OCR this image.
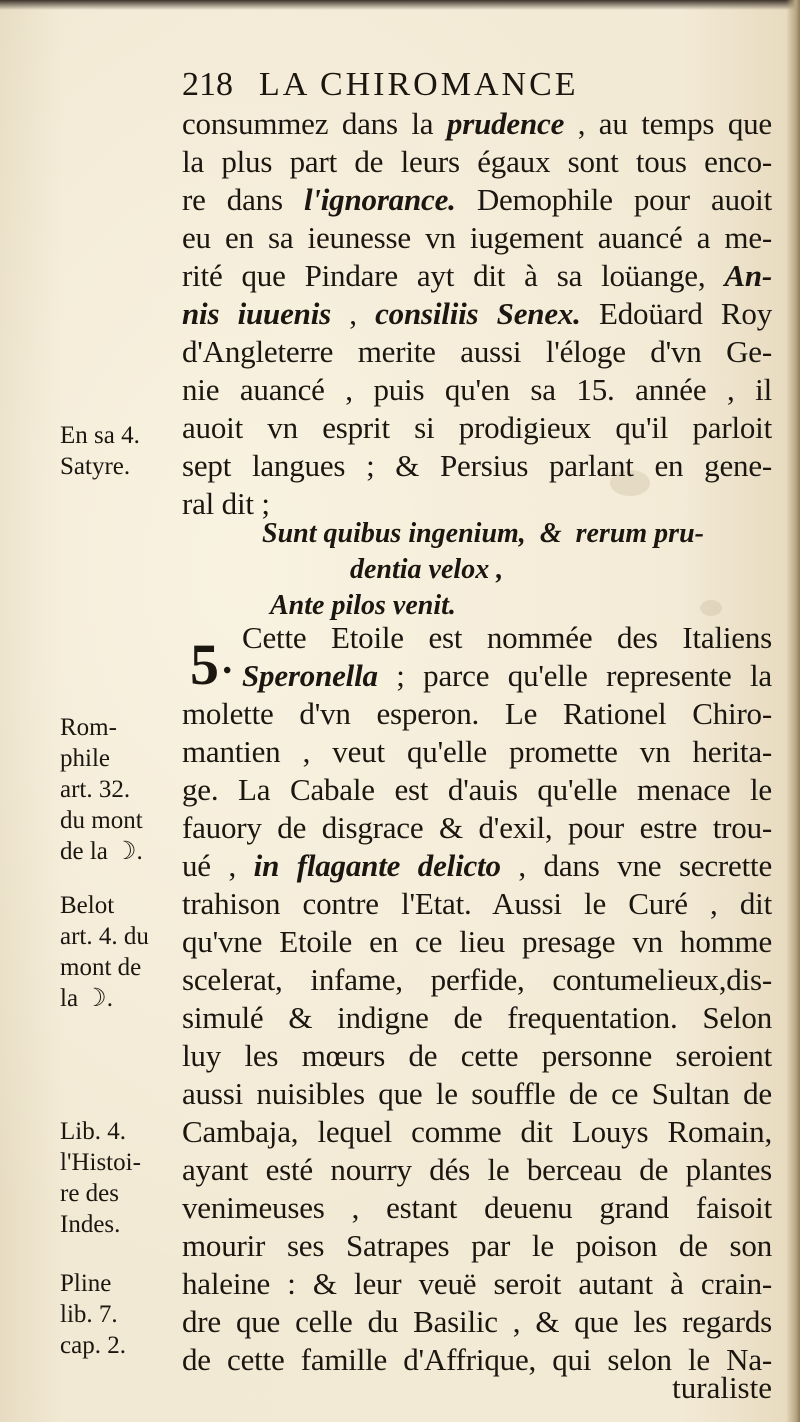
218 LA CHIROMANCE
consummez dans la prudence , au temps que
la plus part de leurs égaux sont tous enco-
re dans l'ignorance. Demophile pour auoit
eu en sa ieunesse vn iugement auancé a me-
rité que Pindare ayt dit à sa loüange, An-
nis iuuenis , consiliis Senex. Edoüard Roy
d'Angleterre merite aussi l'éloge d'vn Ge-
nie auancé , puis qu'en sa 15. année , il
auoit vn esprit si prodigieux qu'il parloit
sept langues ; & Persius parlant en gene-
ral dit ;
Sunt quibus ingenium, & rerum pru-
dentia velox ,
Ante pilos venit.
Cette Etoile est nommée des Italiens
5 • Speronella ; parce qu'elle represente la
molette d'vn esperon. Le Rationel Chiro-
mantien , veut qu'elle promette vn herita-
ge. La Cabale est d'auis qu'elle menace le
fauory de disgrace & d'exil, pour estre trou-
ué , in flagante delicto , dans vne secrette
trahison contre l'Etat. Aussi le Curé , dit
qu'vne Etoile en ce lieu presage vn homme
scelerat, infame, perfide, contumelieux,dis-
simulé & indigne de frequentation. Selon
luy les mœurs de cette personne seroient
aussi nuisibles que le souffle de ce Sultan de
Cambaja, lequel comme dit Louys Romain,
ayant esté nourry dés le berceau de plantes
venimeuses , estant deuenu grand faisoit
mourir ses Satrapes par le poison de son
haleine : & leur veuë seroit autant à crain-
dre que celle du Basilic , & que les regards
de cette famille d'Affrique, qui selon le Na-
turaliste
En sa 4.
Satyre.
Rom-
phile
art. 32.
du mont
de la ☽.
Belot
art. 4. du
mont de
la ☽.
Lib. 4.
l'Histoi-
re des
Indes.
Pline
lib. 7.
cap. 2.
